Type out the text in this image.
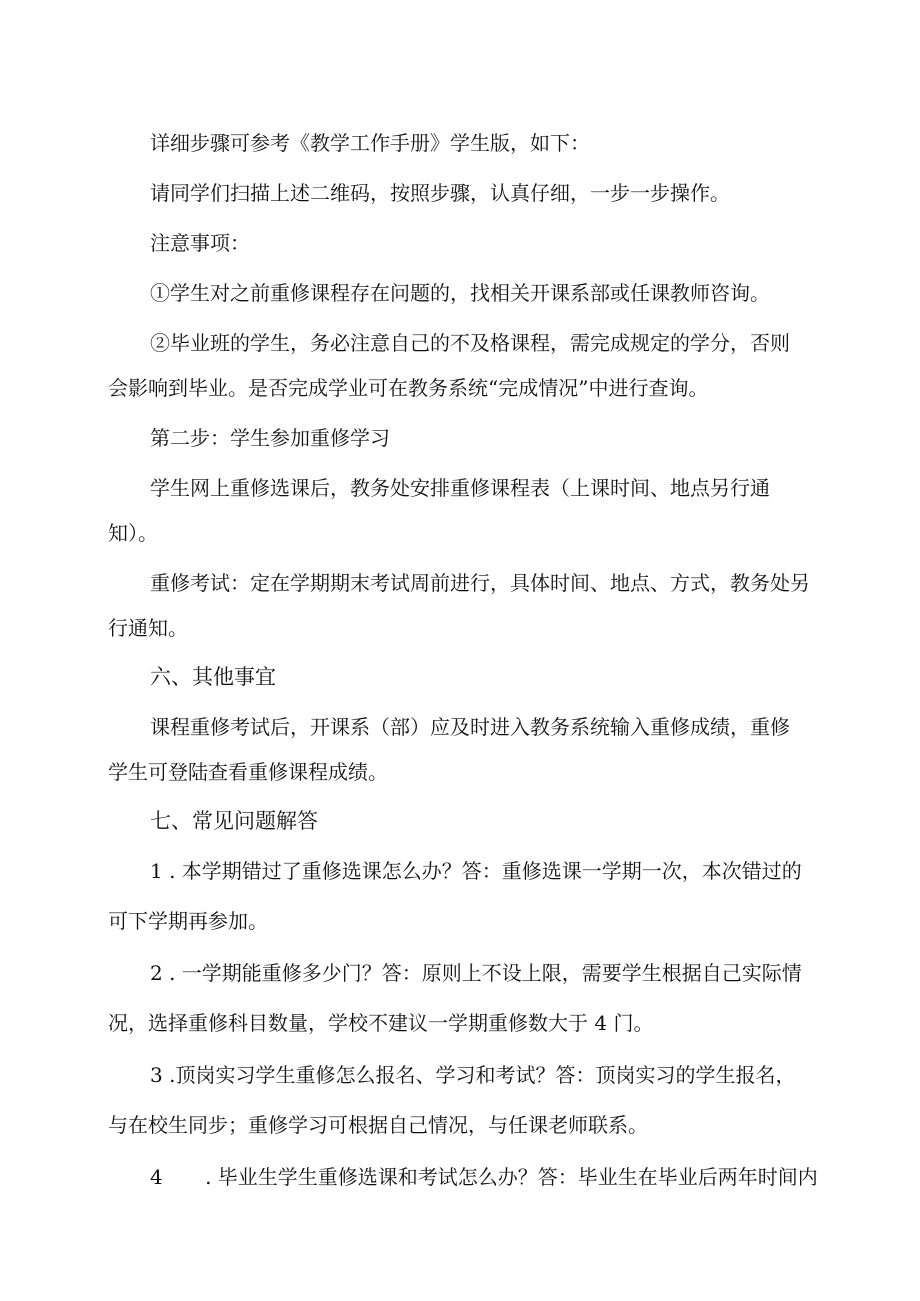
详细步骤可参考《教学工作手册》学生版，如下：
请同学们扫描上述二维码，按照步骤，认真仔细，一步一步操作。
注意事项：
①学生对之前重修课程存在问题的，找相关开课系部或任课教师咨询。
②毕业班的学生，务必注意自己的不及格课程，需完成规定的学分，否则
会影响到毕业。是否完成学业可在教务系统“完成情况”中进行查询。
第二步：学生参加重修学习
学生网上重修选课后，教务处安排重修课程表（上课时间、地点另行通
知）。
重修考试：定在学期期末考试周前进行，具体时间、地点、方式，教务处另
行通知。
六、其他事宜
课程重修考试后，开课系（部）应及时进入教务系统输入重修成绩，重修
学生可登陆查看重修课程成绩。
七、常见问题解答
1 . 本学期错过了重修选课怎么办？答：重修选课一学期一次，本次错过的
可下学期再参加。
2 . 一学期能重修多少门？答：原则上不设上限，需要学生根据自己实际情
况，选择重修科目数量，学校不建议一学期重修数大于 4 门。
3 .顶岗实习学生重修怎么报名、学习和考试？答：顶岗实习的学生报名，
与在校生同步；重修学习可根据自己情况，与任课老师联系。
4 . 毕业生学生重修选课和考试怎么办？答：毕业生在毕业后两年时间内
